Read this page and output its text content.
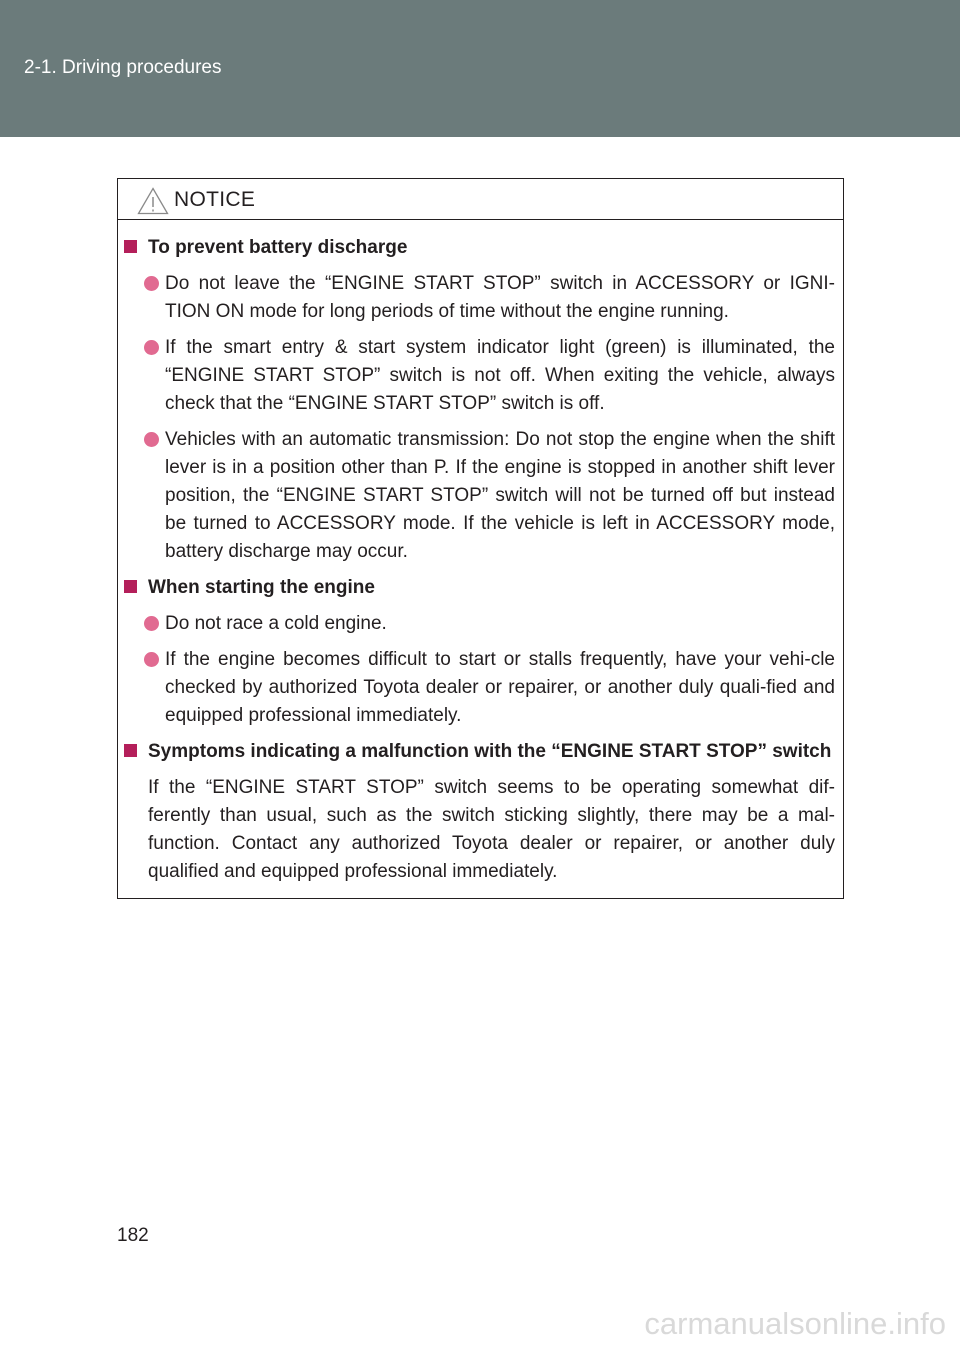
2-1. Driving procedures
NOTICE
To prevent battery discharge
Do not leave the “ENGINE START STOP” switch in ACCESSORY or IGNI-TION ON mode for long periods of time without the engine running.
If the smart entry & start system indicator light (green) is illuminated, the “ENGINE START STOP” switch is not off. When exiting the vehicle, always check that the “ENGINE START STOP” switch is off.
Vehicles with an automatic transmission: Do not stop the engine when the shift lever is in a position other than P. If the engine is stopped in another shift lever position, the “ENGINE START STOP” switch will not be turned off but instead be turned to ACCESSORY mode. If the vehicle is left in ACCESSORY mode, battery discharge may occur.
When starting the engine
Do not race a cold engine.
If the engine becomes difficult to start or stalls frequently, have your vehi-cle checked by authorized Toyota dealer or repairer, or another duly quali-fied and equipped professional immediately.
Symptoms indicating a malfunction with the “ENGINE START STOP” switch
If the “ENGINE START STOP” switch seems to be operating somewhat dif-ferently than usual, such as the switch sticking slightly, there may be a mal-function. Contact any authorized Toyota dealer or repairer, or another duly qualified and equipped professional immediately.
182
carmanualsonline.info
